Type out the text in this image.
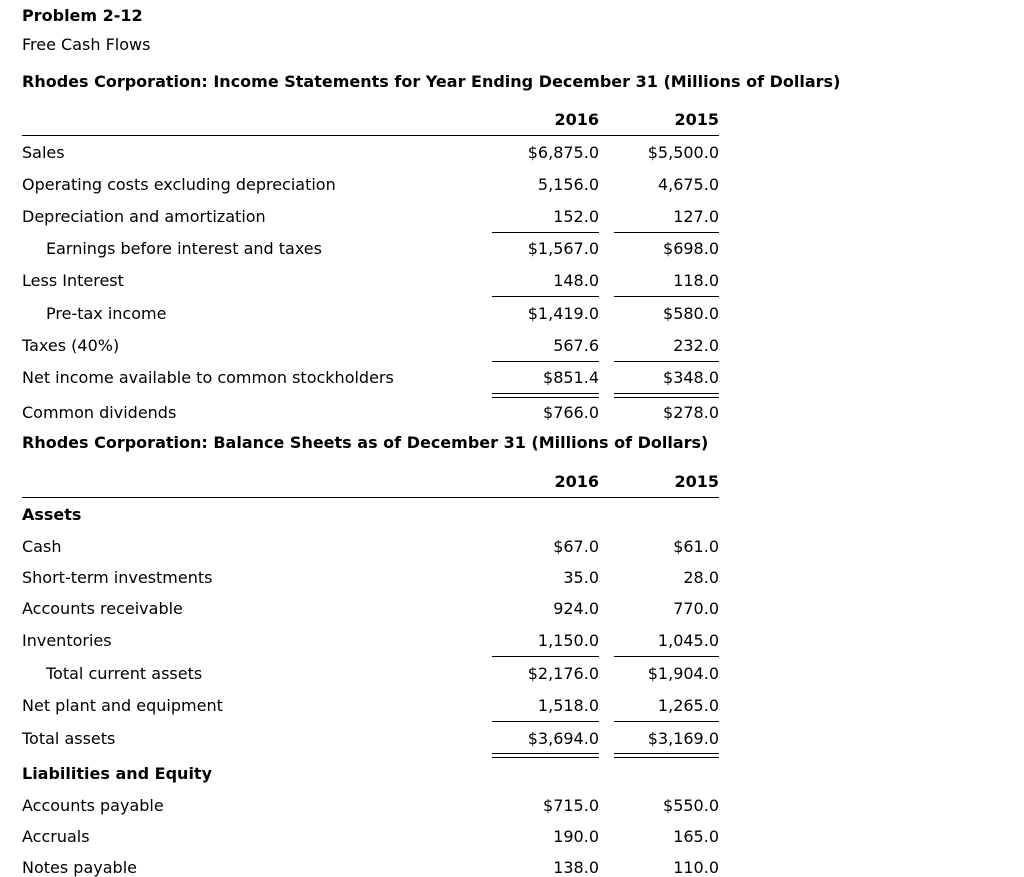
Problem 2-12
Free Cash Flows
Rhodes Corporation: Income Statements for Year Ending December 31 (Millions of Dollars)
2016	2015
Sales	$6,875.0	$5,500.0
Operating costs excluding depreciation	5,156.0	4,675.0
Depreciation and amortization	152.0	127.0
Earnings before interest and taxes	$1,567.0	$698.0
Less Interest	148.0	118.0
Pre-tax income	$1,419.0	$580.0
Taxes (40%)	567.6	232.0
Net income available to common stockholders	$851.4	$348.0
Common dividends	$766.0	$278.0
Rhodes Corporation: Balance Sheets as of December 31 (Millions of Dollars)
2016	2015
Assets
Cash	$67.0	$61.0
Short-term investments	35.0	28.0
Accounts receivable	924.0	770.0
Inventories	1,150.0	1,045.0
Total current assets	$2,176.0	$1,904.0
Net plant and equipment	1,518.0	1,265.0
Total assets	$3,694.0	$3,169.0
Liabilities and Equity
Accounts payable	$715.0	$550.0
Accruals	190.0	165.0
Notes payable	138.0	110.0
